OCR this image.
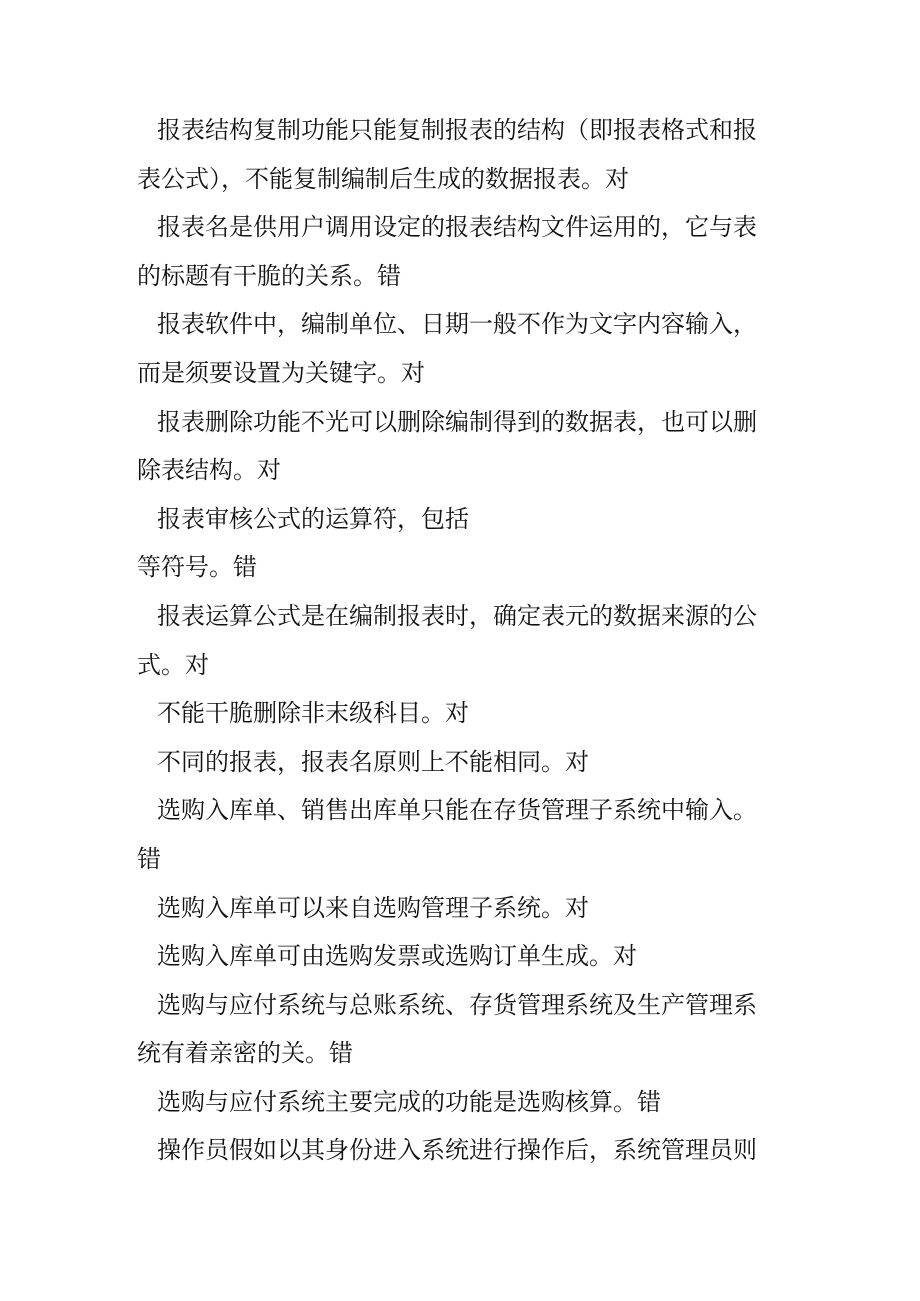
报表结构复制功能只能复制报表的结构（即报表格式和报表公式），不能复制编制后生成的数据报表。对

报表名是供用户调用设定的报表结构文件运用的，它与表的标题有干脆的关系。错

报表软件中，编制单位、日期一般不作为文字内容输入，而是须要设置为关键字。对

报表删除功能不光可以删除编制得到的数据表，也可以删除表结构。对

报表审核公式的运算符，包括

等符号。错

报表运算公式是在编制报表时，确定表元的数据来源的公式。对

不能干脆删除非末级科目。对

不同的报表，报表名原则上不能相同。对

选购入库单、销售出库单只能在存货管理子系统中输入。错

选购入库单可以来自选购管理子系统。对

选购入库单可由选购发票或选购订单生成。对

选购与应付系统与总账系统、存货管理系统及生产管理系统有着亲密的关。错

选购与应付系统主要完成的功能是选购核算。错

操作员假如以其身份进入系统进行操作后，系统管理员则
